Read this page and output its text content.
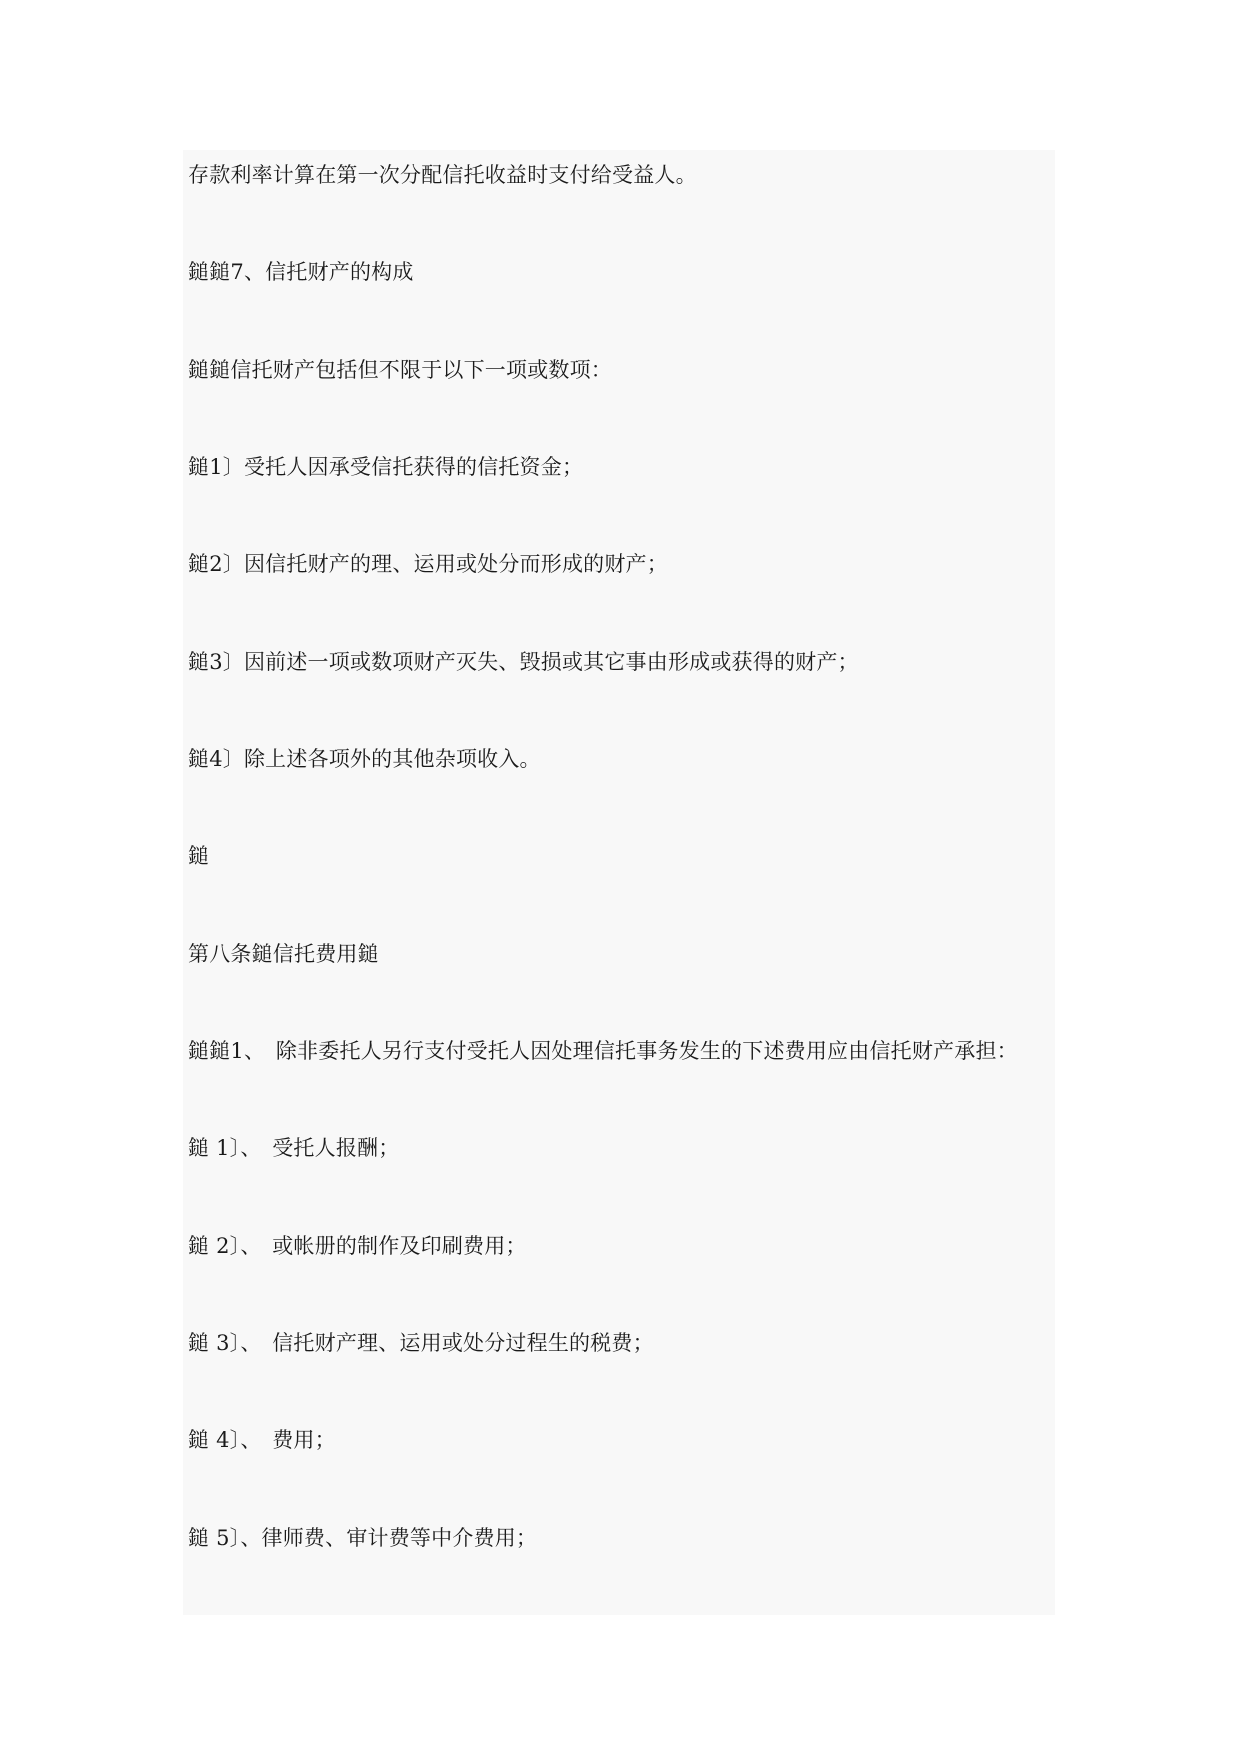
存款利率计算在第一次分配信托收益时支付给受益人。

鎚鎚7、信托财产的构成

鎚鎚信托财产包括但不限于以下一项或数项：

鎚1〕受托人因承受信托获得的信托资金；

鎚2〕因信托财产的理、运用或处分而形成的财产；

鎚3〕因前述一项或数项财产灭失、毁损或其它事由形成或获得的财产；

鎚4〕除上述各项外的其他杂项收入。

鎚

第八条鎚信托费用鎚

鎚鎚1、　除非委托人另行支付受托人因处理信托事务发生的下述费用应由信托财产承担：

鎚 1〕、　受托人报酬；

鎚 2〕、　或帐册的制作及印刷费用；

鎚 3〕、　信托财产理、运用或处分过程生的税费；

鎚 4〕、　费用；

鎚 5〕、律师费、审计费等中介费用；
